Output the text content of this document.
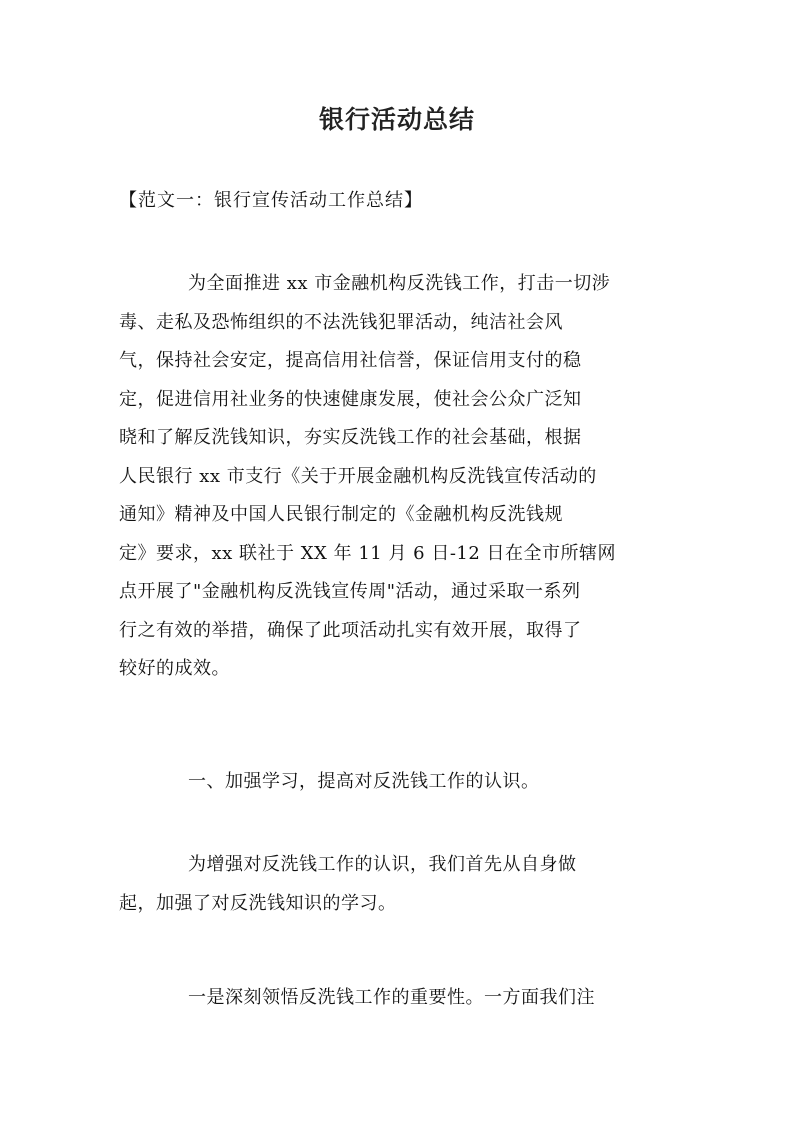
银行活动总结
【范文一：银行宣传活动工作总结】
为全面推进 xx 市金融机构反洗钱工作，打击一切涉
毒、走私及恐怖组织的不法洗钱犯罪活动，纯洁社会风
气，保持社会安定，提高信用社信誉，保证信用支付的稳
定，促进信用社业务的快速健康发展，使社会公众广泛知
晓和了解反洗钱知识，夯实反洗钱工作的社会基础，根据
人民银行 xx 市支行《关于开展金融机构反洗钱宣传活动的
通知》精神及中国人民银行制定的《金融机构反洗钱规
定》要求，xx 联社于 XX 年 11 月 6 日-12 日在全市所辖网
点开展了"金融机构反洗钱宣传周"活动，通过采取一系列
行之有效的举措，确保了此项活动扎实有效开展，取得了
较好的成效。
一、加强学习，提高对反洗钱工作的认识。
为增强对反洗钱工作的认识，我们首先从自身做
起，加强了对反洗钱知识的学习。
一是深刻领悟反洗钱工作的重要性。一方面我们注
